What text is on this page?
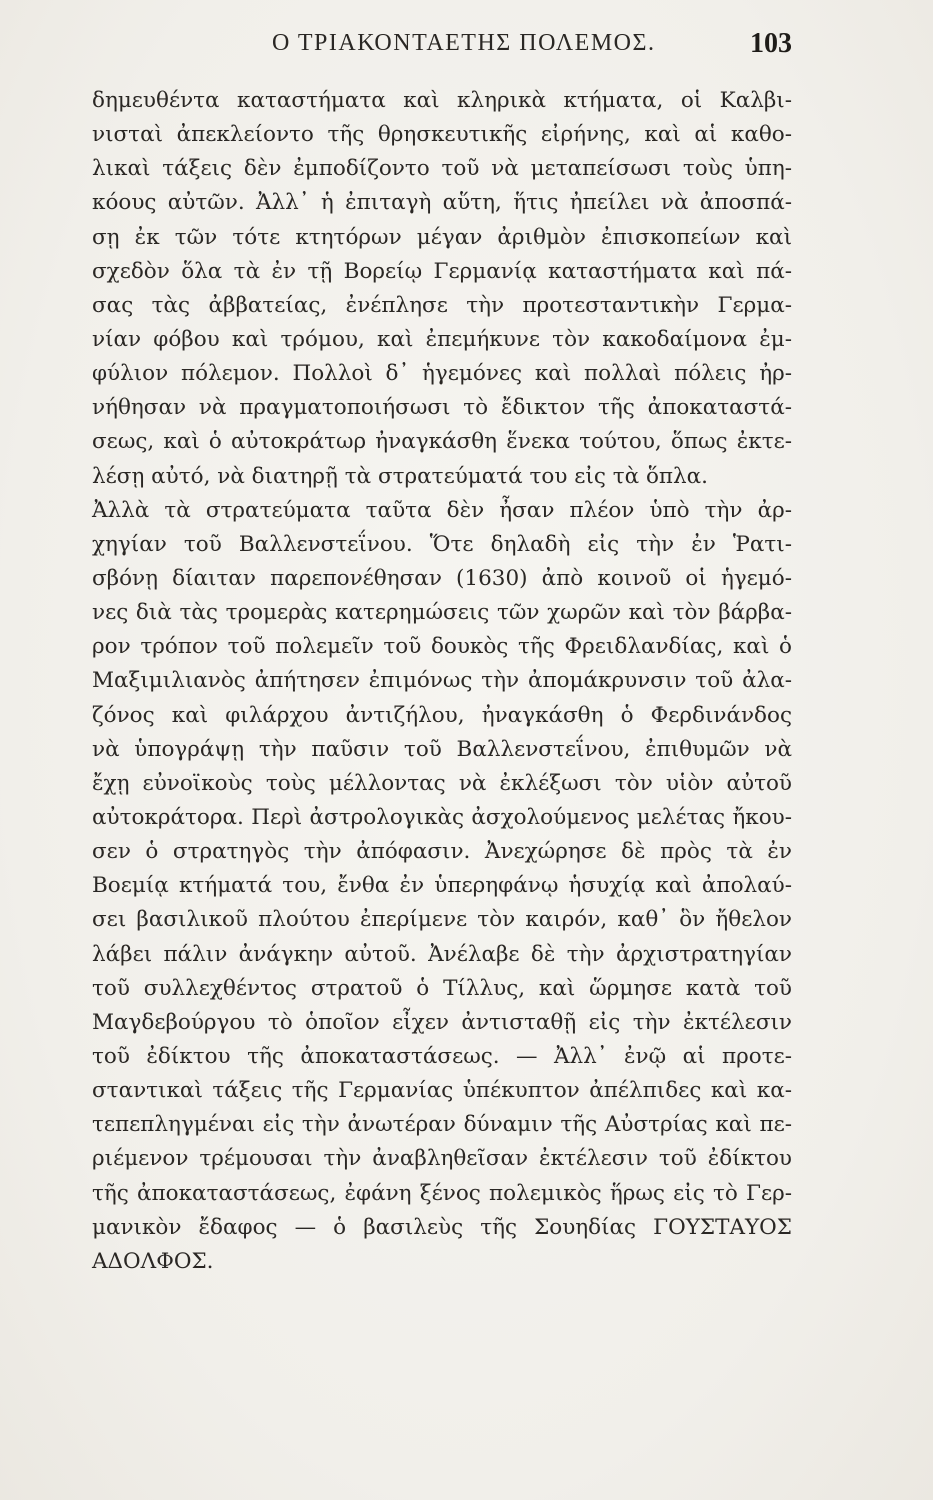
Ο ΤΡΙΑΚΟΝΤΑΕΤΗΣ ΠΟΛΕΜΟΣ.	103
δημευθέντα καταστήματα καὶ κληρικὰ κτήματα, οἱ Καλβι-
νισταὶ ἀπεκλείοντο τῆς θρησκευτικῆς εἰρήνης, καὶ αἱ καθο-
λικαὶ τάξεις δὲν ἐμποδίζοντο τοῦ νὰ μεταπείσωσι τοὺς ὑπη-
κόους αὐτῶν. Ἀλλ᾽ ἡ ἐπιταγὴ αὕτη, ἥτις ἠπείλει νὰ ἀποσπά-
σῃ ἐκ τῶν τότε κτητόρων μέγαν ἀριθμὸν ἐπισκοπείων καὶ
σχεδὸν ὅλα τὰ ἐν τῇ Βορείῳ Γερμανίᾳ καταστήματα καὶ πά-
σας τὰς ἀββατείας, ἐνέπλησε τὴν προτεσταντικὴν Γερμα-
νίαν φόβου καὶ τρόμου, καὶ ἐπεμήκυνε τὸν κακοδαίμονα ἐμ-
φύλιον πόλεμον. Πολλοὶ δ᾽ ἡγεμόνες καὶ πολλαὶ πόλεις ἠρ-
νήθησαν νὰ πραγματοποιήσωσι τὸ ἔδικτον τῆς ἀποκαταστά-
σεως, καὶ ὁ αὐτοκράτωρ ἠναγκάσθη ἕνεκα τούτου, ὅπως ἐκτε-
λέσῃ αὐτό, νὰ διατηρῇ τὰ στρατεύματά του εἰς τὰ ὅπλα.
Ἀλλὰ τὰ στρατεύματα ταῦτα δὲν ἦσαν πλέον ὑπὸ τὴν ἀρ-
χηγίαν τοῦ Βαλλενστεΐνου. Ὅτε δηλαδὴ εἰς τὴν ἐν Ῥατι-
σβόνῃ δίαιταν παρεπονέθησαν (1630) ἀπὸ κοινοῦ οἱ ἡγεμό-
νες διὰ τὰς τρομερὰς κατερημώσεις τῶν χωρῶν καὶ τὸν βάρβα-
ρον τρόπον τοῦ πολεμεῖν τοῦ δουκὸς τῆς Φρειδλανδίας, καὶ ὁ
Μαξιμιλιανὸς ἀπήτησεν ἐπιμόνως τὴν ἀπομάκρυνσιν τοῦ ἀλα-
ζόνος καὶ φιλάρχου ἀντιζήλου, ἠναγκάσθη ὁ Φερδινάνδος
νὰ ὑπογράψῃ τὴν παῦσιν τοῦ Βαλλενστεΐνου, ἐπιθυμῶν νὰ
ἔχῃ εὐνοϊκοὺς τοὺς μέλλοντας νὰ ἐκλέξωσι τὸν υἱὸν αὐτοῦ
αὐτοκράτορα. Περὶ ἀστρολογικὰς ἀσχολούμενος μελέτας ἤκου-
σεν ὁ στρατηγὸς τὴν ἀπόφασιν. Ἀνεχώρησε δὲ πρὸς τὰ ἐν
Βοεμίᾳ κτήματά του, ἔνθα ἐν ὑπερηφάνῳ ἡσυχίᾳ καὶ ἀπολαύ-
σει βασιλικοῦ πλούτου ἐπερίμενε τὸν καιρόν, καθ᾽ ὃν ἤθελον
λάβει πάλιν ἀνάγκην αὐτοῦ. Ἀνέλαβε δὲ τὴν ἀρχιστρατηγίαν
τοῦ συλλεχθέντος στρατοῦ ὁ Τίλλυς, καὶ ὥρμησε κατὰ τοῦ
Μαγδεβούργου τὸ ὁποῖον εἶχεν ἀντισταθῇ εἰς τὴν ἐκτέλεσιν
τοῦ ἐδίκτου τῆς ἀποκαταστάσεως. — Ἀλλ᾽ ἐνῷ αἱ προτε-
σταντικαὶ τάξεις τῆς Γερμανίας ὑπέκυπτον ἀπέλπιδες καὶ κα-
τεπεπληγμέναι εἰς τὴν ἀνωτέραν δύναμιν τῆς Αὐστρίας καὶ πε-
ριέμενον τρέμουσαι τὴν ἀναβληθεῖσαν ἐκτέλεσιν τοῦ ἐδίκτου
τῆς ἀποκαταστάσεως, ἐφάνη ξένος πολεμικὸς ἥρως εἰς τὸ Γερ-
μανικὸν ἔδαφος — ὁ βασιλεὺς τῆς Σουηδίας ΓΟΥΣΤΑΥΟΣ
ΑΔΟΛΦΟΣ.
